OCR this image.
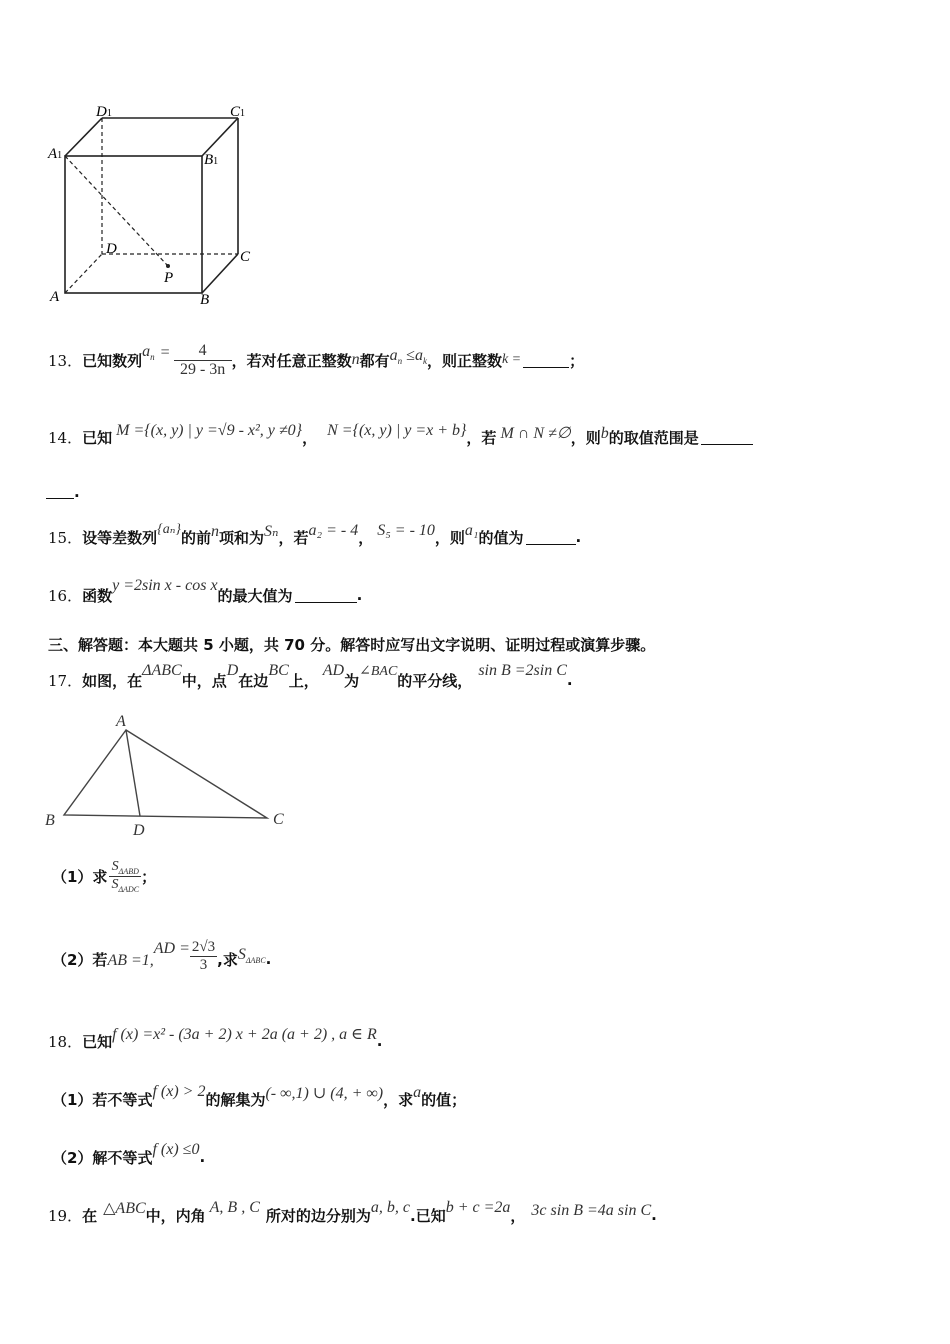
D1	C1
A1	B1
D	C
A	B
P
13． 已知数列 $a_n = \frac{4}{29 - 3n}$ ，若对任意正整数 n 都有 $a_n \le a_k$ ，则正整数 k =	；
14． 已知 M ={(x, y) | y =√9 - x², y ≠0} ， N ={(x, y) | y =x + b} ，若 M ∩ N ≠∅ ，则 b 的取值范围是
.
15． 设等差数列 {aₙ} 的前 n 项和为 Sₙ ，若 a₂ = - 4 ， S₅ = - 10 ，则 a₁ 的值为	.
16． 函数
y =2sin x - cos x
的最大值为	.
三、解答题：本大题共 5 小题，共 70 分。解答时应写出文字说明、证明过程或演算步骤。
17． 如图，在
ΔABC
中，点
D
在边
BC
上，
AD
为
∠BAC
的平分线，
sin B =2sin C
.
A
B	C
D
（1）求 $\frac{S_{\Delta ABD}}{S_{\Delta ADC}}$ ；
（2）若 AB =1,
AD = $\frac{2√3}{3}$ ,求 $S_{\Delta ABC}$ .
18． 已知 f (x) =x² - (3a + 2) x + 2a (a + 2) , a ∈ R .
（1）若不等式 f (x) > 2 的解集为 (- ∞,1) ∪ (4, + ∞) ，求 a 的值；
（2）解不等式 f (x) ≤0 .
19． 在 △ABC 中，内角 A, B , C 所对的边分别为 a, b, c .已知 b + c =2a ， 3c sin B =4a sin C .
